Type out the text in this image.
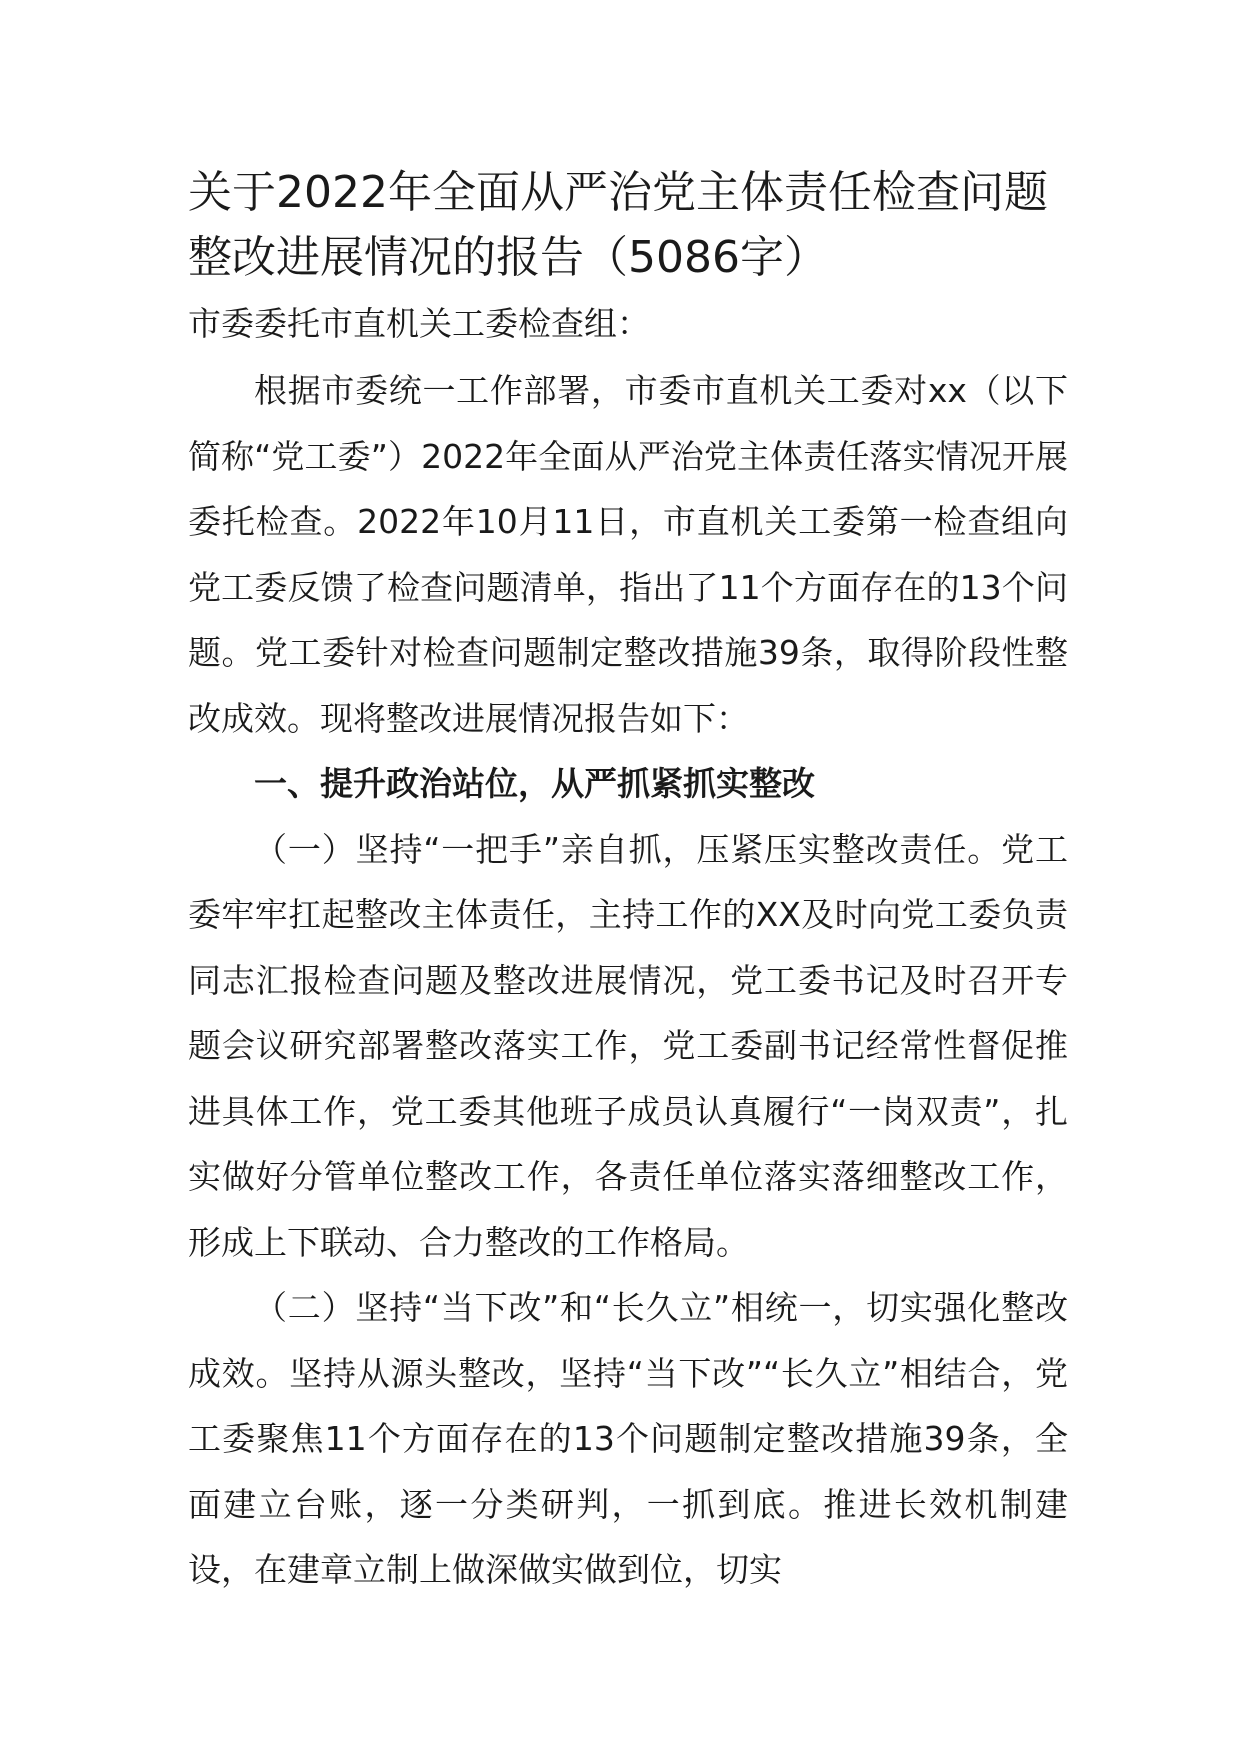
关于2022年全面从严治党主体责任检查问题整改进展情况的报告（5086字）

市委委托市直机关工委检查组：

根据市委统一工作部署，市委市直机关工委对xx（以下简称“党工委”）2022年全面从严治党主体责任落实情况开展委托检查。2022年10月11日，市直机关工委第一检查组向党工委反馈了检查问题清单，指出了11个方面存在的13个问题。党工委针对检查问题制定整改措施39条，取得阶段性整改成效。现将整改进展情况报告如下：

一、提升政治站位，从严抓紧抓实整改

（一）坚持“一把手”亲自抓，压紧压实整改责任。党工委牢牢扛起整改主体责任，主持工作的XX及时向党工委负责同志汇报检查问题及整改进展情况，党工委书记及时召开专题会议研究部署整改落实工作，党工委副书记经常性督促推进具体工作，党工委其他班子成员认真履行“一岗双责”，扎实做好分管单位整改工作，各责任单位落实落细整改工作，形成上下联动、合力整改的工作格局。

（二）坚持“当下改”和“长久立”相统一，切实强化整改成效。坚持从源头整改，坚持“当下改”“长久立”相结合，党工委聚焦11个方面存在的13个问题制定整改措施39条，全面建立台账，逐一分类研判，一抓到底。推进长效机制建设，在建章立制上做深做实做到位，切实
